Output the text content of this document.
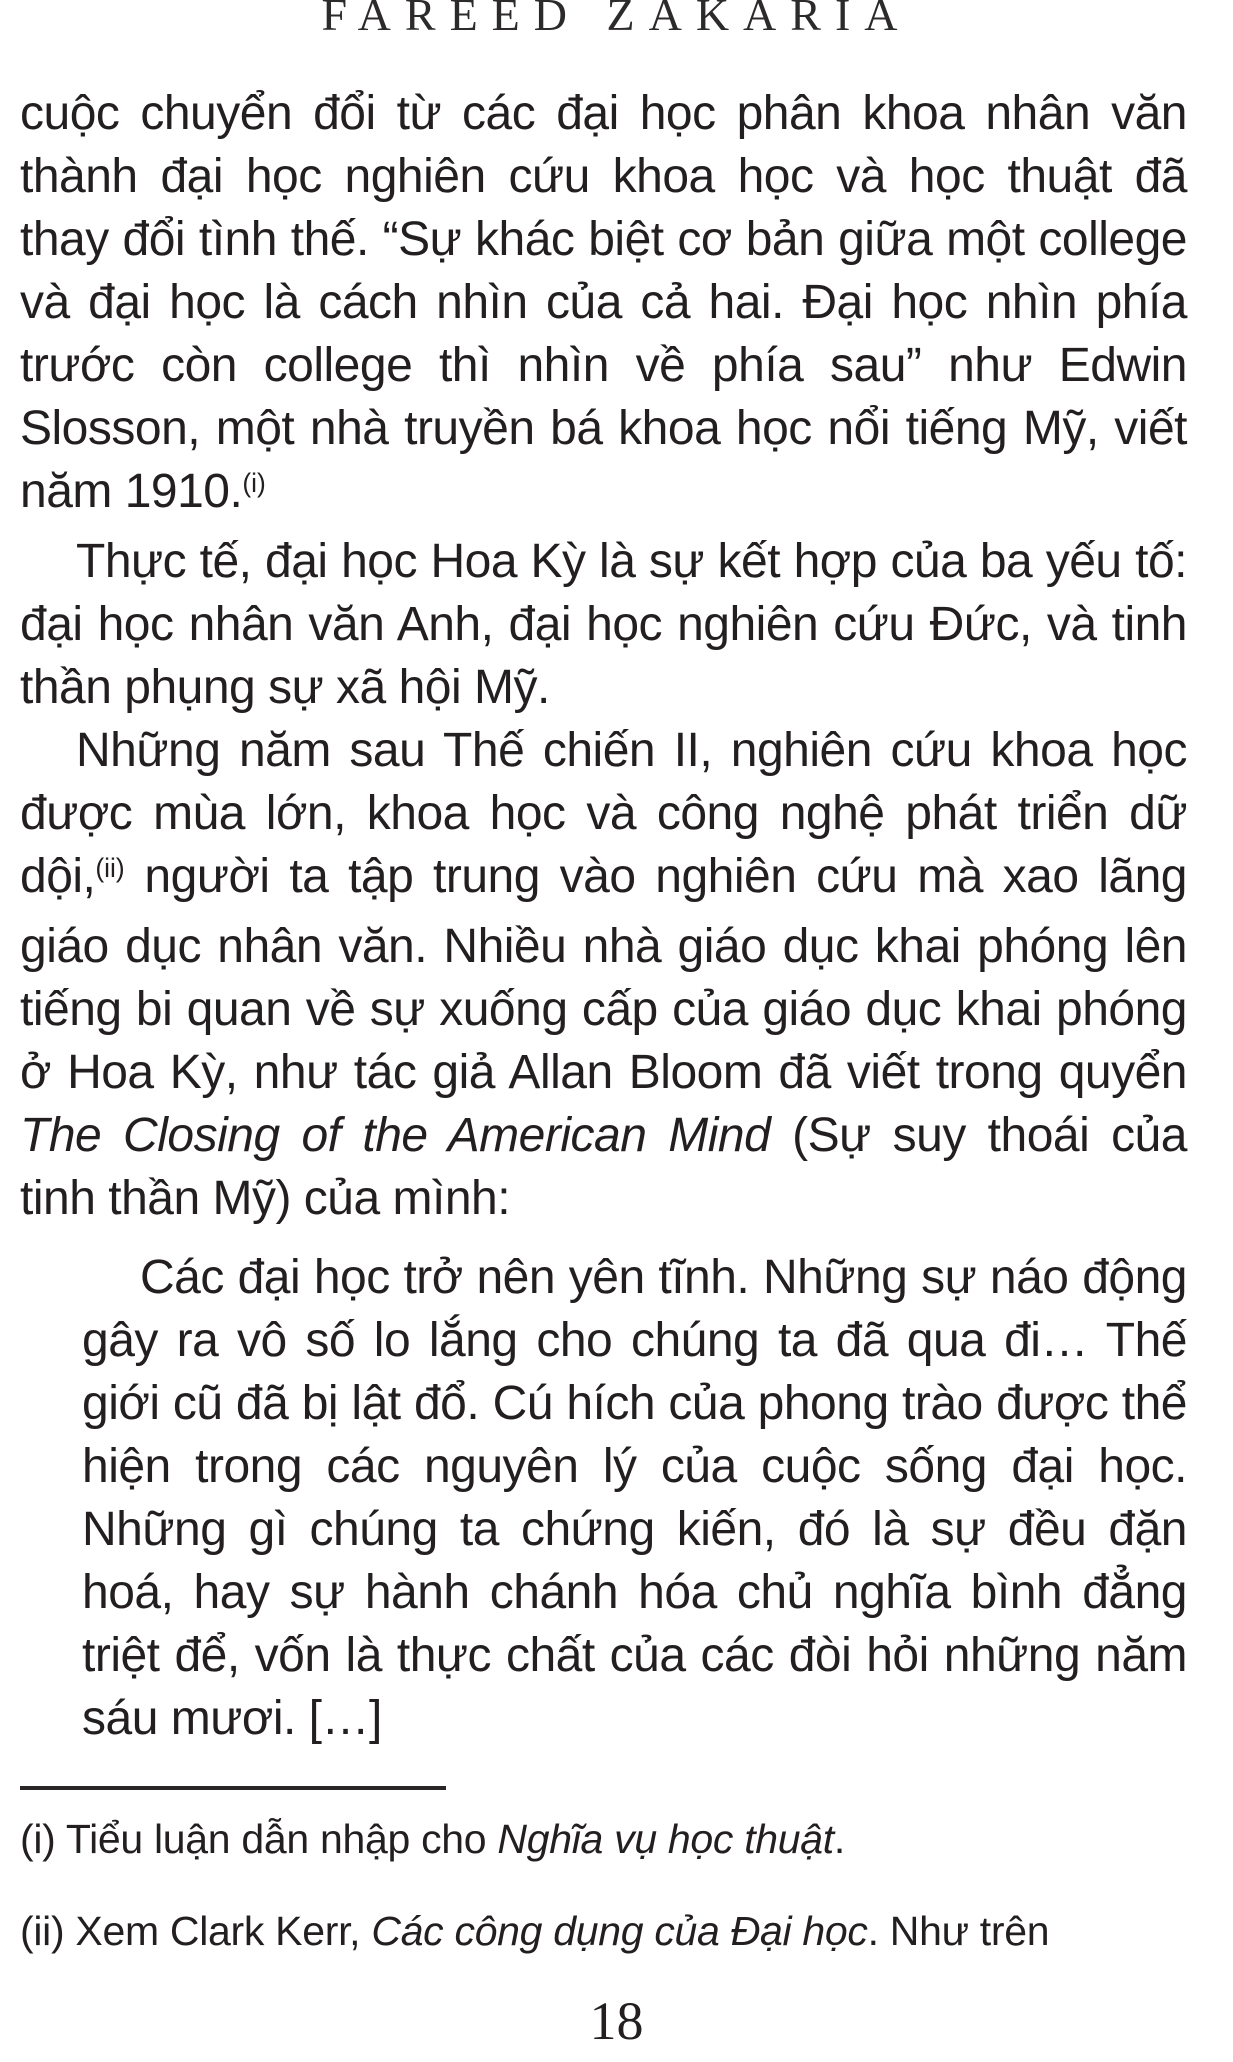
FAREED ZAKARIA

cuộc chuyển đổi từ các đại học phân khoa nhân văn thành đại học nghiên cứu khoa học và học thuật đã thay đổi tình thế. “Sự khác biệt cơ bản giữa một college và đại học là cách nhìn của cả hai. Đại học nhìn phía trước còn college thì nhìn về phía sau” như Edwin Slosson, một nhà truyền bá khoa học nổi tiếng Mỹ, viết năm 1910.$^{(i)}$

Thực tế, đại học Hoa Kỳ là sự kết hợp của ba yếu tố: đại học nhân văn Anh, đại học nghiên cứu Đức, và tinh thần phụng sự xã hội Mỹ.

Những năm sau Thế chiến II, nghiên cứu khoa học được mùa lớn, khoa học và công nghệ phát triển dữ dội,$^{(ii)}$ người ta tập trung vào nghiên cứu mà xao lãng giáo dục nhân văn. Nhiều nhà giáo dục khai phóng lên tiếng bi quan về sự xuống cấp của giáo dục khai phóng ở Hoa Kỳ, như tác giả Allan Bloom đã viết trong quyển The Closing of the American Mind (Sự suy thoái của tinh thần Mỹ) của mình:

Các đại học trở nên yên tĩnh. Những sự náo động gây ra vô số lo lắng cho chúng ta đã qua đi… Thế giới cũ đã bị lật đổ. Cú hích của phong trào được thể hiện trong các nguyên lý của cuộc sống đại học. Những gì chúng ta chứng kiến, đó là sự đều đặn hoá, hay sự hành chánh hóa chủ nghĩa bình đẳng triệt để, vốn là thực chất của các đòi hỏi những năm sáu mươi. […]

(i) Tiểu luận dẫn nhập cho Nghĩa vụ học thuật.

(ii) Xem Clark Kerr, Các công dụng của Đại học. Như trên

18
